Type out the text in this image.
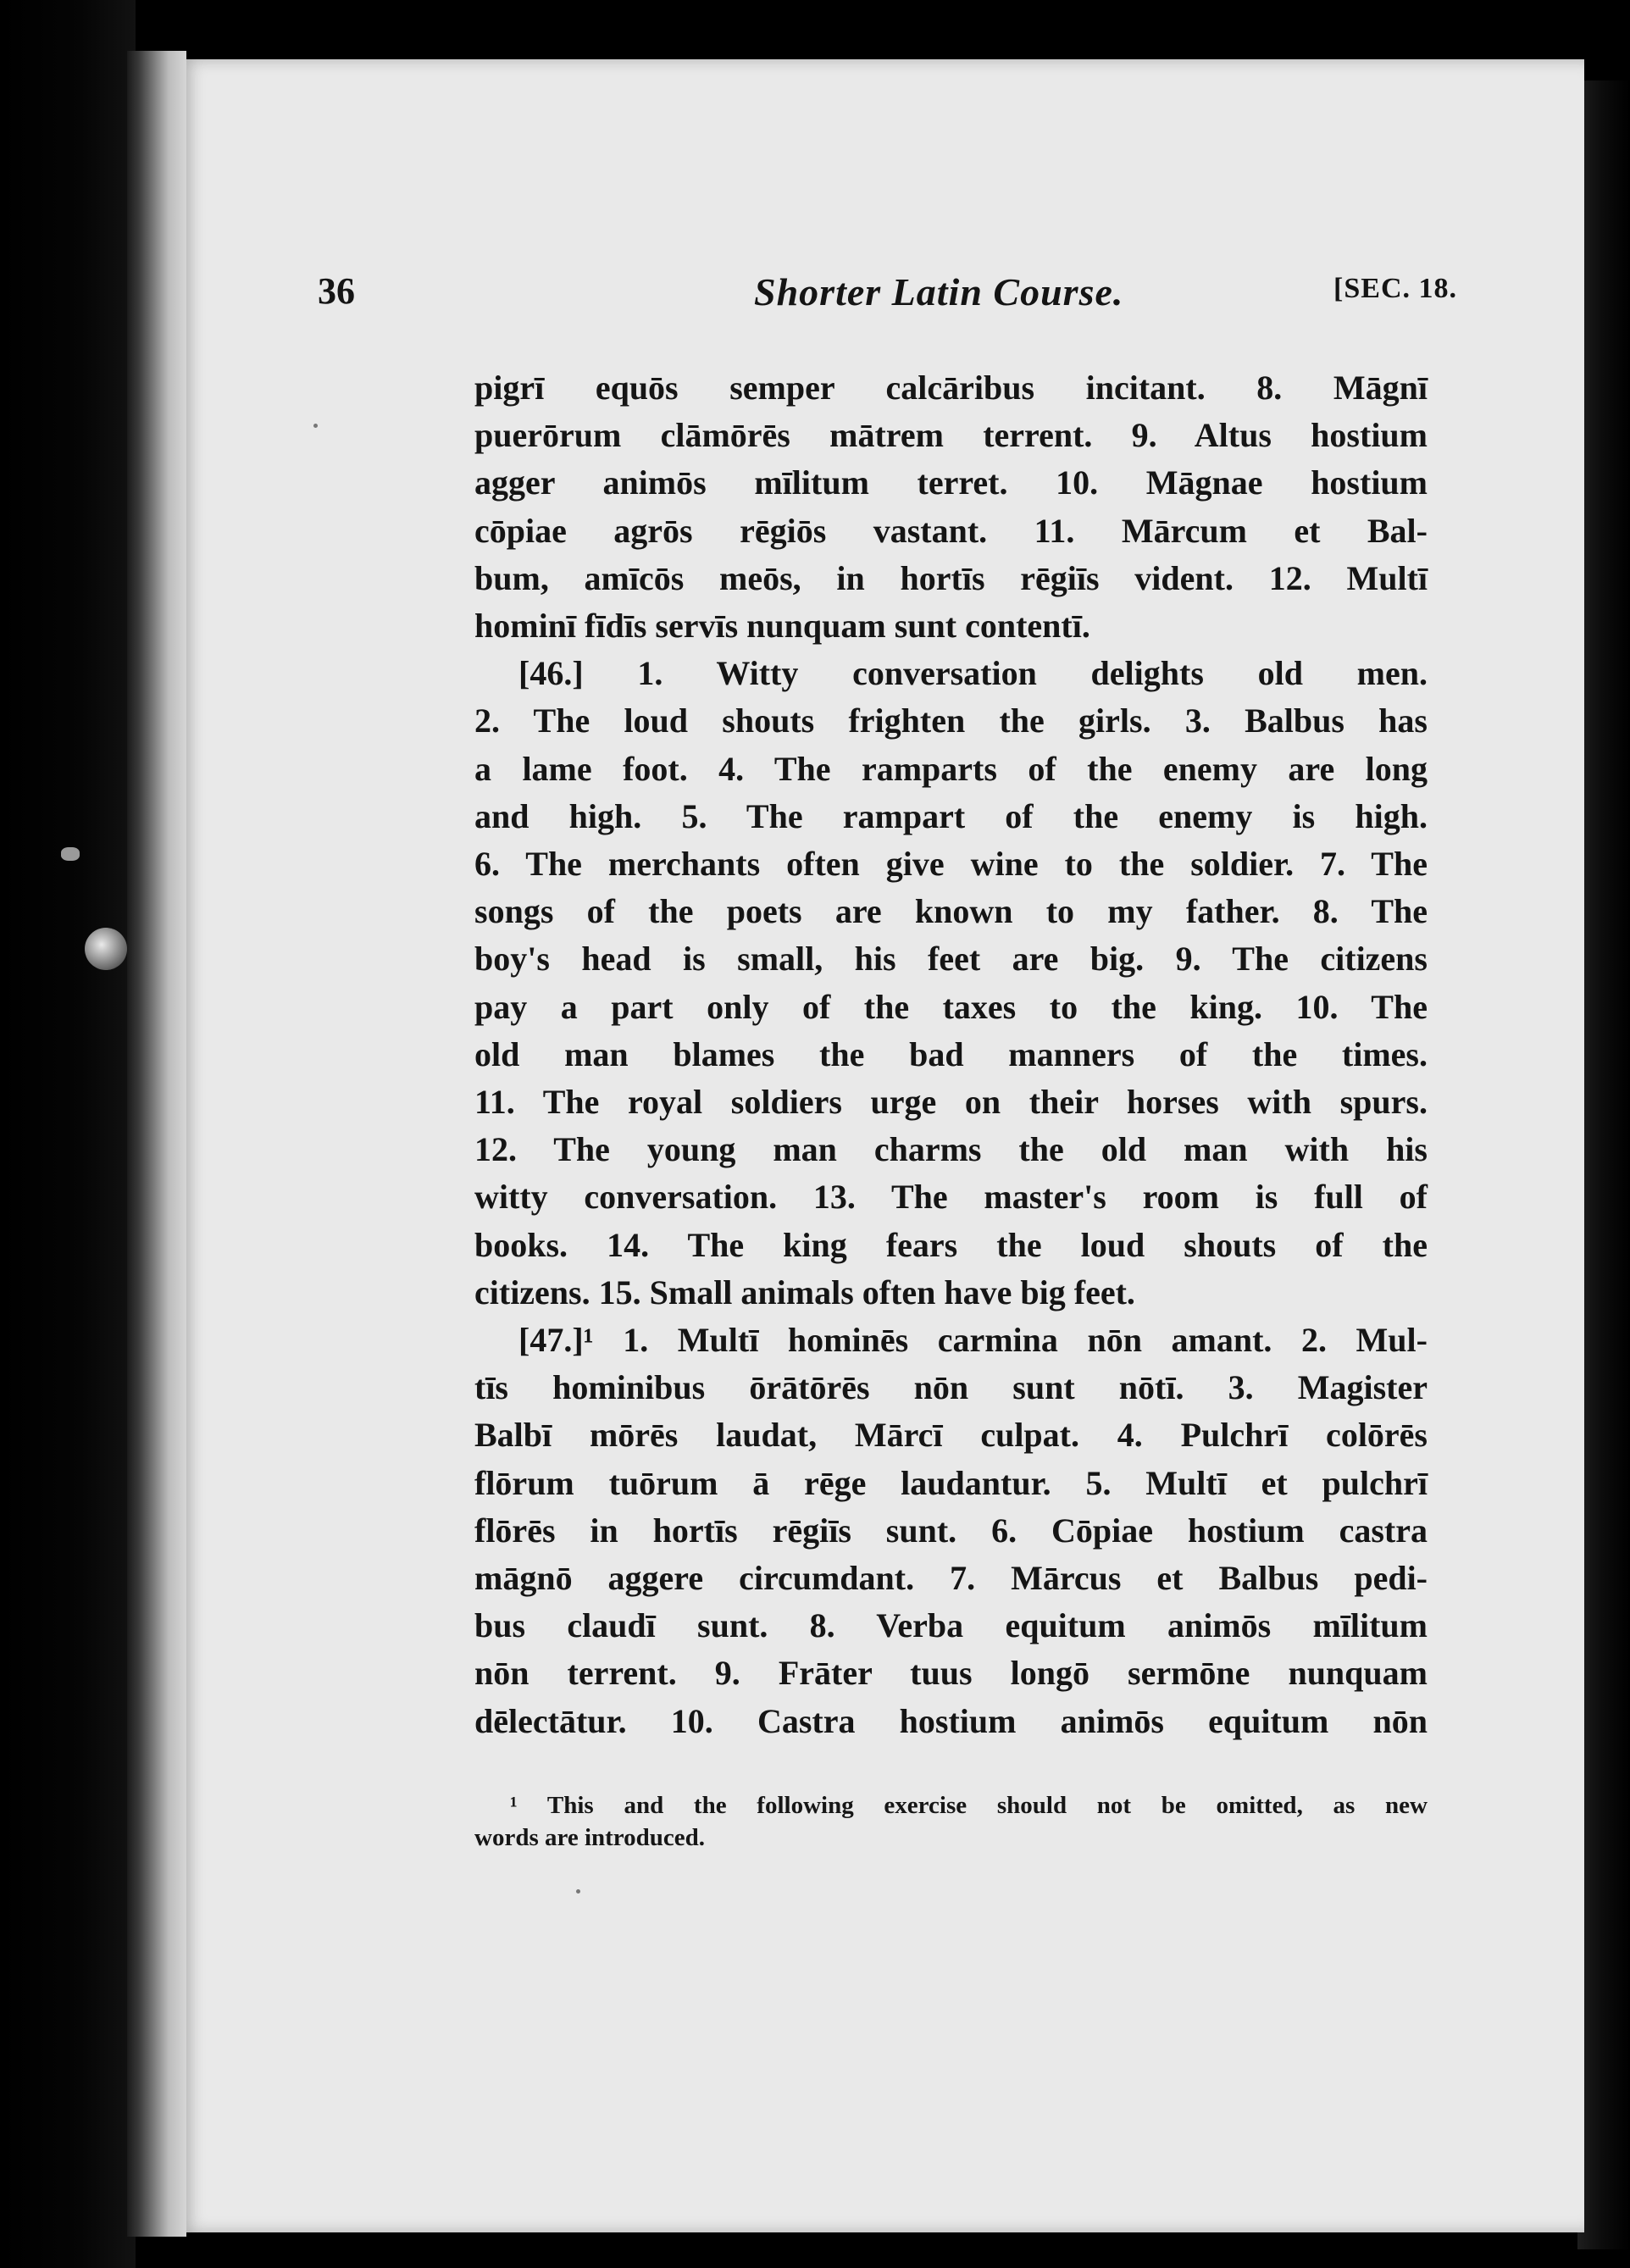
36	Shorter Latin Course.	[SEC. 18.
pigrī equōs semper calcāribus incitant. 8. Māgnī
puerōrum clāmōrēs mātrem terrent. 9. Altus hostium
agger animōs mīlitum terret. 10. Māgnae hostium
cōpiae agrōs rēgiōs vastant. 11. Mārcum et Bal-
bum, amīcōs meōs, in hortīs rēgiīs vident. 12. Multī
hominī fīdīs servīs nunquam sunt contentī.
[46.] 1. Witty conversation delights old men.
2. The loud shouts frighten the girls. 3. Balbus has
a lame foot. 4. The ramparts of the enemy are long
and high. 5. The rampart of the enemy is high.
6. The merchants often give wine to the soldier. 7. The
songs of the poets are known to my father. 8. The
boy's head is small, his feet are big. 9. The citizens
pay a part only of the taxes to the king. 10. The
old man blames the bad manners of the times.
11. The royal soldiers urge on their horses with spurs.
12. The young man charms the old man with his
witty conversation. 13. The master's room is full of
books. 14. The king fears the loud shouts of the
citizens. 15. Small animals often have big feet.
[47.]¹ 1. Multī hominēs carmina nōn amant. 2. Mul-
tīs hominibus ōrātōrēs nōn sunt nōtī. 3. Magister
Balbī mōrēs laudat, Mārcī culpat. 4. Pulchrī colōrēs
flōrum tuōrum ā rēge laudantur. 5. Multī et pulchrī
flōrēs in hortīs rēgiīs sunt. 6. Cōpiae hostium castra
māgnō aggere circumdant. 7. Mārcus et Balbus pedi-
bus claudī sunt. 8. Verba equitum animōs mīlitum
nōn terrent. 9. Frāter tuus longō sermōne nunquam
dēlectātur. 10. Castra hostium animōs equitum nōn
¹ This and the following exercise should not be omitted, as new
words are introduced.
